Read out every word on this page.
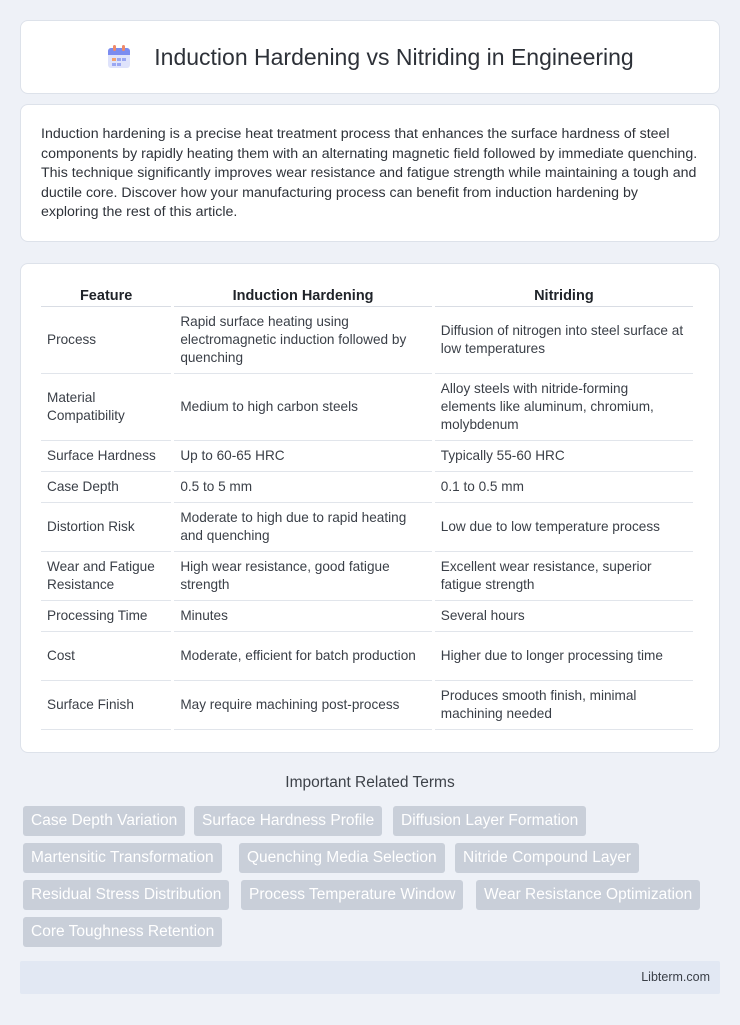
Induction Hardening vs Nitriding in Engineering

Induction hardening is a precise heat treatment process that enhances the surface hardness of steel components by rapidly heating them with an alternating magnetic field followed by immediate quenching. This technique significantly improves wear resistance and fatigue strength while maintaining a tough and ductile core. Discover how your manufacturing process can benefit from induction hardening by exploring the rest of this article.

Feature	Induction Hardening	Nitriding
Process	Rapid surface heating using electromagnetic induction followed by quenching	Diffusion of nitrogen into steel surface at low temperatures
Material Compatibility	Medium to high carbon steels	Alloy steels with nitride-forming elements like aluminum, chromium, molybdenum
Surface Hardness	Up to 60-65 HRC	Typically 55-60 HRC
Case Depth	0.5 to 5 mm	0.1 to 0.5 mm
Distortion Risk	Moderate to high due to rapid heating and quenching	Low due to low temperature process
Wear and Fatigue Resistance	High wear resistance, good fatigue strength	Excellent wear resistance, superior fatigue strength
Processing Time	Minutes	Several hours
Cost	Moderate, efficient for batch production	Higher due to longer processing time
Surface Finish	May require machining post-process	Produces smooth finish, minimal machining needed
Important Related Terms
Case Depth Variation	Surface Hardness Profile	Diffusion Layer Formation
Martensitic Transformation	Quenching Media Selection	Nitride Compound Layer
Residual Stress Distribution	Process Temperature Window	Wear Resistance Optimization
Core Toughness Retention
Libterm.com
